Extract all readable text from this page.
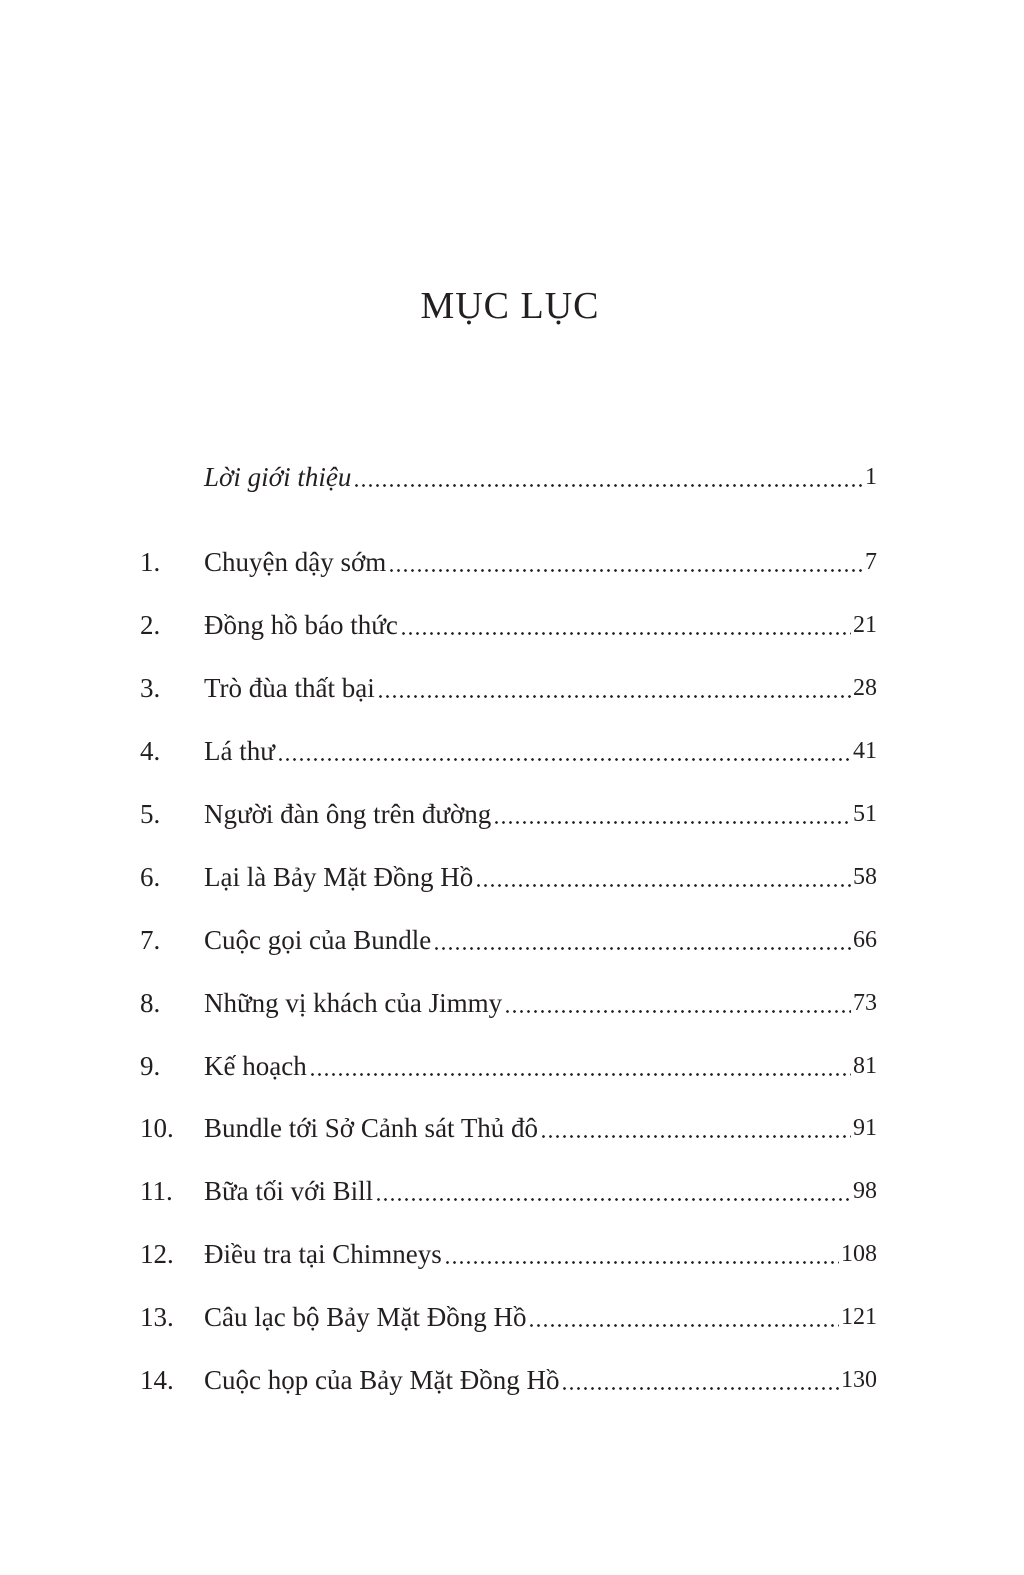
MỤC LỤC
Lời giới thiệu	1
1.	Chuyện dậy sớm	7
2.	Đồng hồ báo thức	21
3.	Trò đùa thất bại	28
4.	Lá thư	41
5.	Người đàn ông trên đường	51
6.	Lại là Bảy Mặt Đồng Hồ	58
7.	Cuộc gọi của Bundle	66
8.	Những vị khách của Jimmy	73
9.	Kế hoạch	81
10.	Bundle tới Sở Cảnh sát Thủ đô	91
11.	Bữa tối với Bill	98
12.	Điều tra tại Chimneys	108
13.	Câu lạc bộ Bảy Mặt Đồng Hồ	121
14.	Cuộc họp của Bảy Mặt Đồng Hồ	130
